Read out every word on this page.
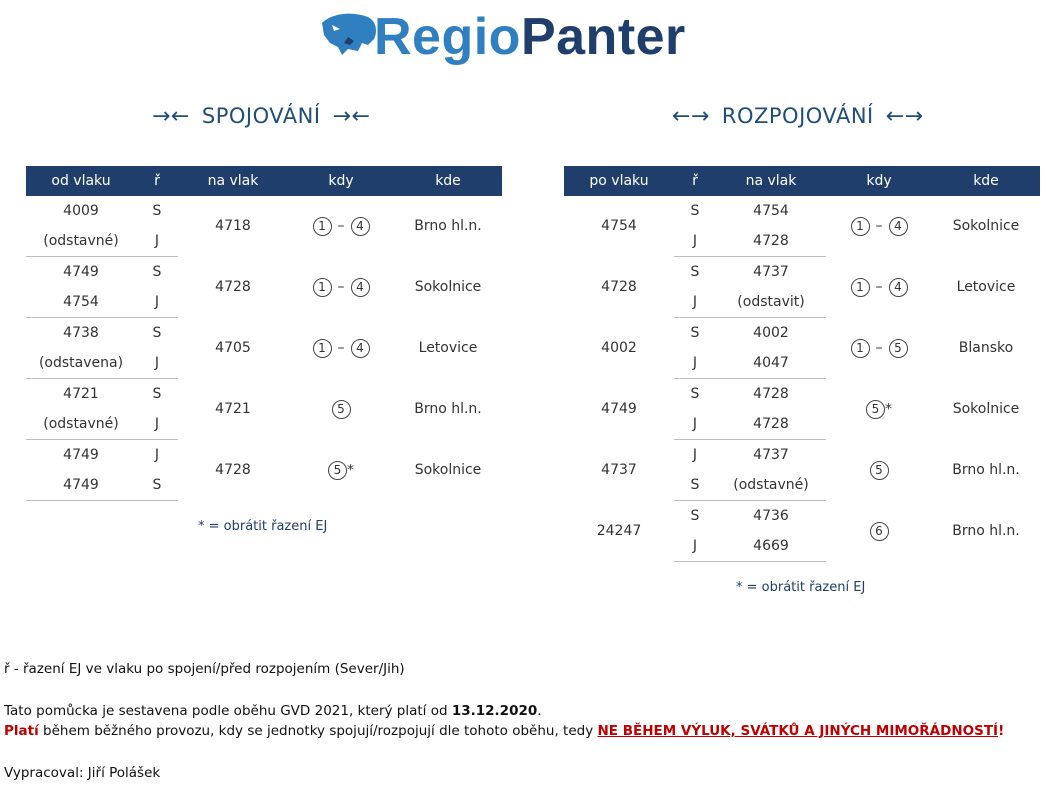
RegioPanter
→← SPOJOVÁNÍ →←	←→ ROZPOJOVÁNÍ ←→
od vlaku	ř	na vlak	kdy	kde
4009	S	4718	1 – 4	Brno hl.n.
(odstavné)	J			
4749	S	4728	1 – 4	Sokolnice
4754	J			
4738	S	4705	1 – 4	Letovice
(odstavena)	J			
4721	S	4721	5	Brno hl.n.
(odstavné)	J			
4749	J	4728	5 *	Sokolnice
4749	S			
po vlaku	ř	na vlak	kdy	kde
4754	S	4754	1 – 4	Sokolnice
	J	4728		
4728	S	4737	1 – 4	Letovice
	J	(odstavit)		
4002	S	4002	1 – 5	Blansko
	J	4047		
4749	S	4728	5 *	Sokolnice
	J	4728		
4737	J	4737	5	Brno hl.n.
	S	(odstavné)		
24247	S	4736	6	Brno hl.n.
	J	4669		
* = obrátit řazení EJ
* = obrátit řazení EJ
ř - řazení EJ ve vlaku po spojení/před rozpojením (Sever/Jih)
Tato pomůcka je sestavena podle oběhu GVD 2021, který platí od 13.12.2020.
Platí během běžného provozu, kdy se jednotky spojují/rozpojují dle tohoto oběhu, tedy NE BĚHEM VÝLUK, SVÁTKŮ A JINÝCH MIMOŘÁDNOSTÍ!
Vypracoval: Jiří Polášek
